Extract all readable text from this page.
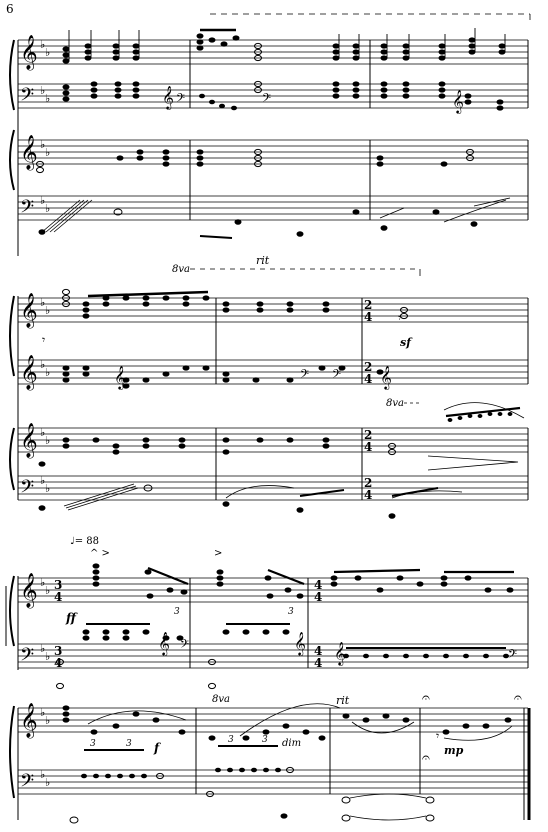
6
𝄞
𝄢
𝄞
𝄢
♭
♭
♭
♭
♭
♭
♭
♭
𝄞 𝄢	𝄢	𝄞
8va
rit
𝄞
𝄞
𝄞
𝄢
♭
♭
♭
♭
♭
♭
♭
♭
2
4
2
4
2
4
2
4
𝄾
𝄾
sf
𝄞	𝄢 𝄢 𝄞
8va
♩= 88
𝄞
𝄢
♭
♭
♭
♭
3
4
3
4
4
4
4
4
^ >	>
3	3
ff
𝄞 𝄢	𝄞 𝄞	𝄢
8va
𝄞
𝄢
♭
♭
♭
♭
rit	𝄐
𝄐
𝄐
3	3	3	3
f	dim
mp
𝄾
